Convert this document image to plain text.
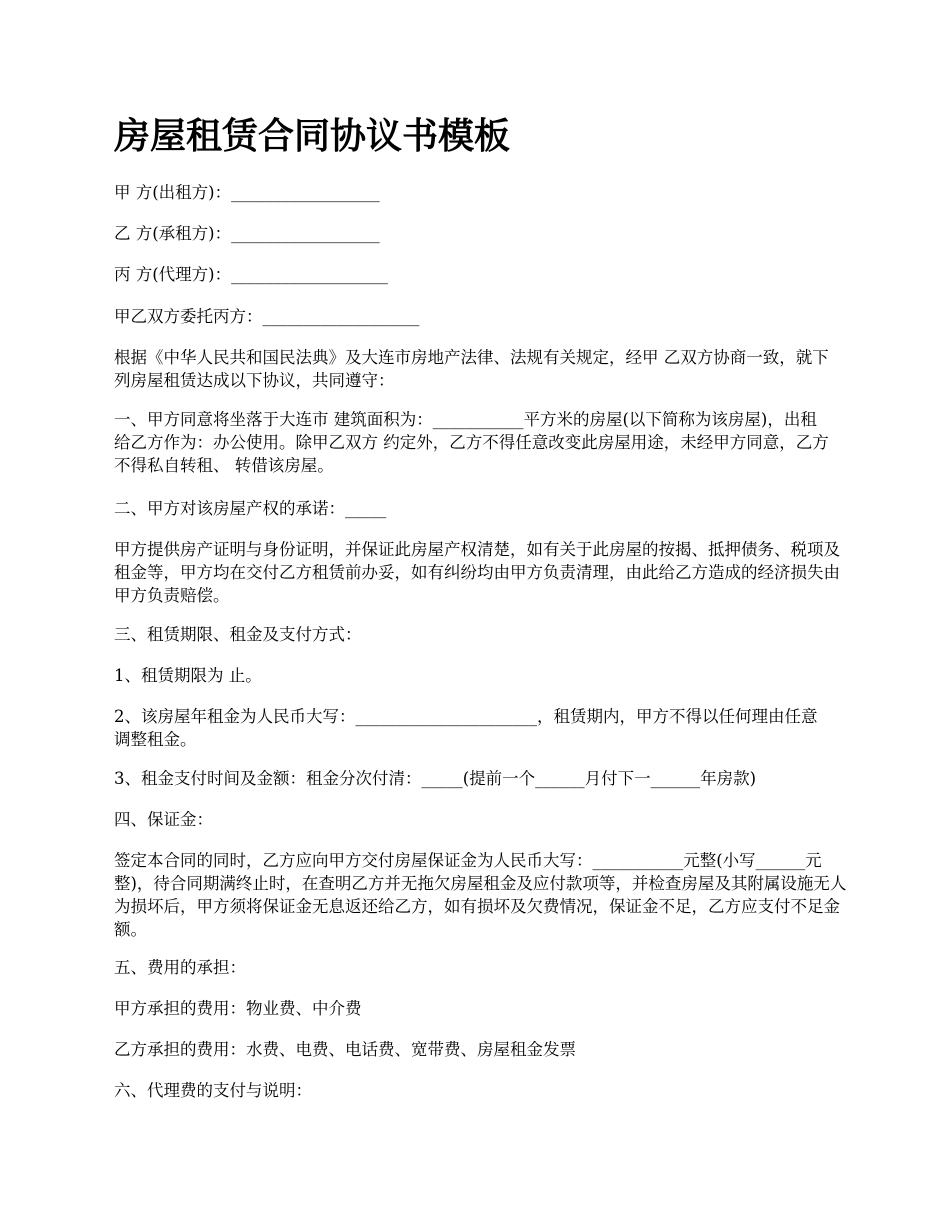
房屋租赁合同协议书模板

甲 方(出租方)：__________________

乙 方(承租方)：__________________

丙 方(代理方)：___________________

甲乙双方委托丙方：___________________

根据《中华人民共和国民法典》及大连市房地产法律、法规有关规定，经甲 乙双方协商一致，就下列房屋租赁达成以下协议，共同遵守：

一、甲方同意将坐落于大连市 建筑面积为：___________平方米的房屋(以下简称为该房屋)，出租给乙方作为：办公使用。除甲乙双方 约定外，乙方不得任意改变此房屋用途，未经甲方同意，乙方不得私自转租、 转借该房屋。

二、甲方对该房屋产权的承诺：_____

甲方提供房产证明与身份证明，并保证此房屋产权清楚，如有关于此房屋的按揭、抵押债务、税项及租金等，甲方均在交付乙方租赁前办妥，如有纠纷均由甲方负责清理，由此给乙方造成的经济损失由甲方负责赔偿。

三、租赁期限、租金及支付方式：

1、租赁期限为 止。

2、该房屋年租金为人民币大写：______________________，租赁期内，甲方不得以任何理由任意调整租金。

3、租金支付时间及金额：租金分次付清：_____(提前一个______月付下一______年房款)

四、保证金：

签定本合同的同时，乙方应向甲方交付房屋保证金为人民币大写：___________元整(小写______元整)，待合同期满终止时，在查明乙方并无拖欠房屋租金及应付款项等，并检查房屋及其附属设施无人为损坏后，甲方须将保证金无息返还给乙方，如有损坏及欠费情况，保证金不足，乙方应支付不足金额。

五、费用的承担：

甲方承担的费用：物业费、中介费

乙方承担的费用：水费、电费、电话费、宽带费、房屋租金发票

六、代理费的支付与说明：
